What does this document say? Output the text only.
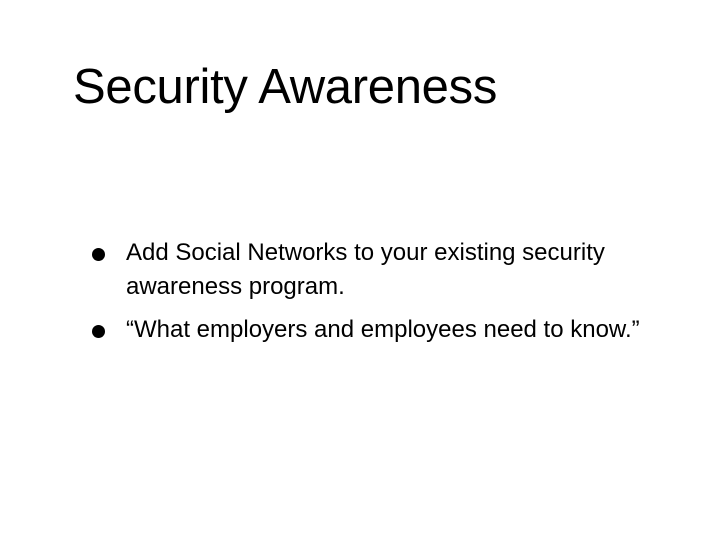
Security Awareness
Add Social Networks to your existing security awareness program.
“What employers and employees need to know.”
